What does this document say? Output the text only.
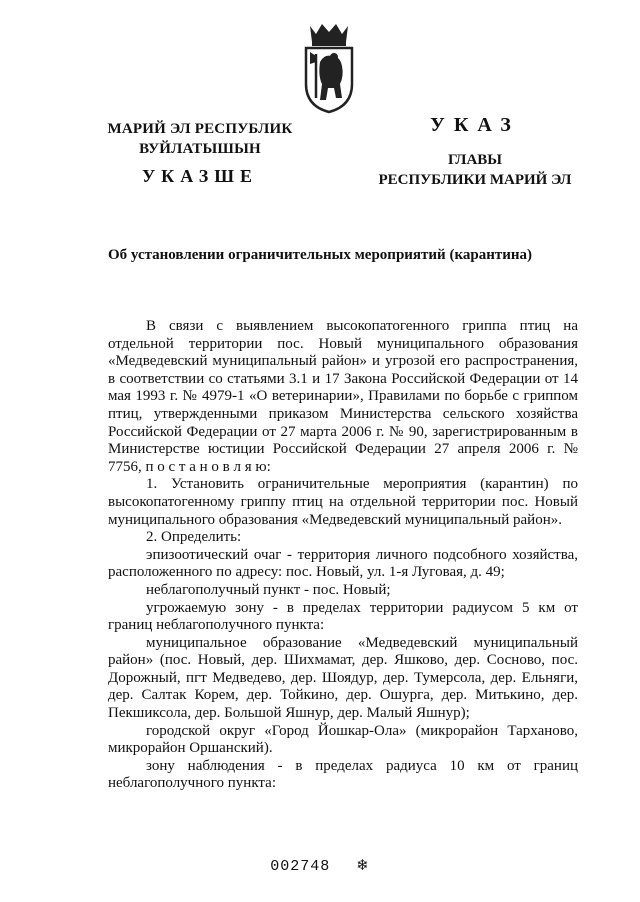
МАРИЙ ЭЛ РЕСПУБЛИК
ВУЙЛАТЫШЫН
УКАЗШЕ
УКАЗ
ГЛАВЫ
РЕСПУБЛИКИ МАРИЙ ЭЛ
Об установлении ограничительных мероприятий (карантина)

В связи с выявлением высокопатогенного гриппа птиц на отдельной территории пос. Новый муниципального образования «Медведевский муниципальный район» и угрозой его распространения, в соответствии со статьями 3.1 и 17 Закона Российской Федерации от 14 мая 1993 г. № 4979-1 «О ветеринарии», Правилами по борьбе с гриппом птиц, утвержденными приказом Министерства сельского хозяйства Российской Федерации от 27 марта 2006 г. № 90, зарегистрированным в Министерстве юстиции Российской Федерации 27 апреля 2006 г. № 7756, п о с т а н о в л я ю:

1. Установить ограничительные мероприятия (карантин) по высокопатогенному гриппу птиц на отдельной территории пос. Новый муниципального образования «Медведевский муниципальный район».

2. Определить:

эпизоотический очаг - территория личного подсобного хозяйства, расположенного по адресу: пос. Новый, ул. 1-я Луговая, д. 49;

неблагополучный пункт - пос. Новый;

угрожаемую зону - в пределах территории радиусом 5 км от границ неблагополучного пункта:

муниципальное образование «Медведевский муниципальный район» (пос. Новый, дер. Шихмамат, дер. Яшково, дер. Сосново, пос. Дорожный, пгт Медведево, дер. Шоядур, дер. Тумерсола, дер. Ельняги, дер. Салтак Корем, дер. Тойкино, дер. Ошурга, дер. Митькино, дер. Пекшиксола, дер. Большой Яшнур, дер. Малый Яшнур);

городской округ «Город Йошкар-Ола» (микрорайон Тарханово, микрорайон Оршанский).

зону наблюдения - в пределах радиуса 10 км от границ неблагополучного пункта:

002748 ❄
